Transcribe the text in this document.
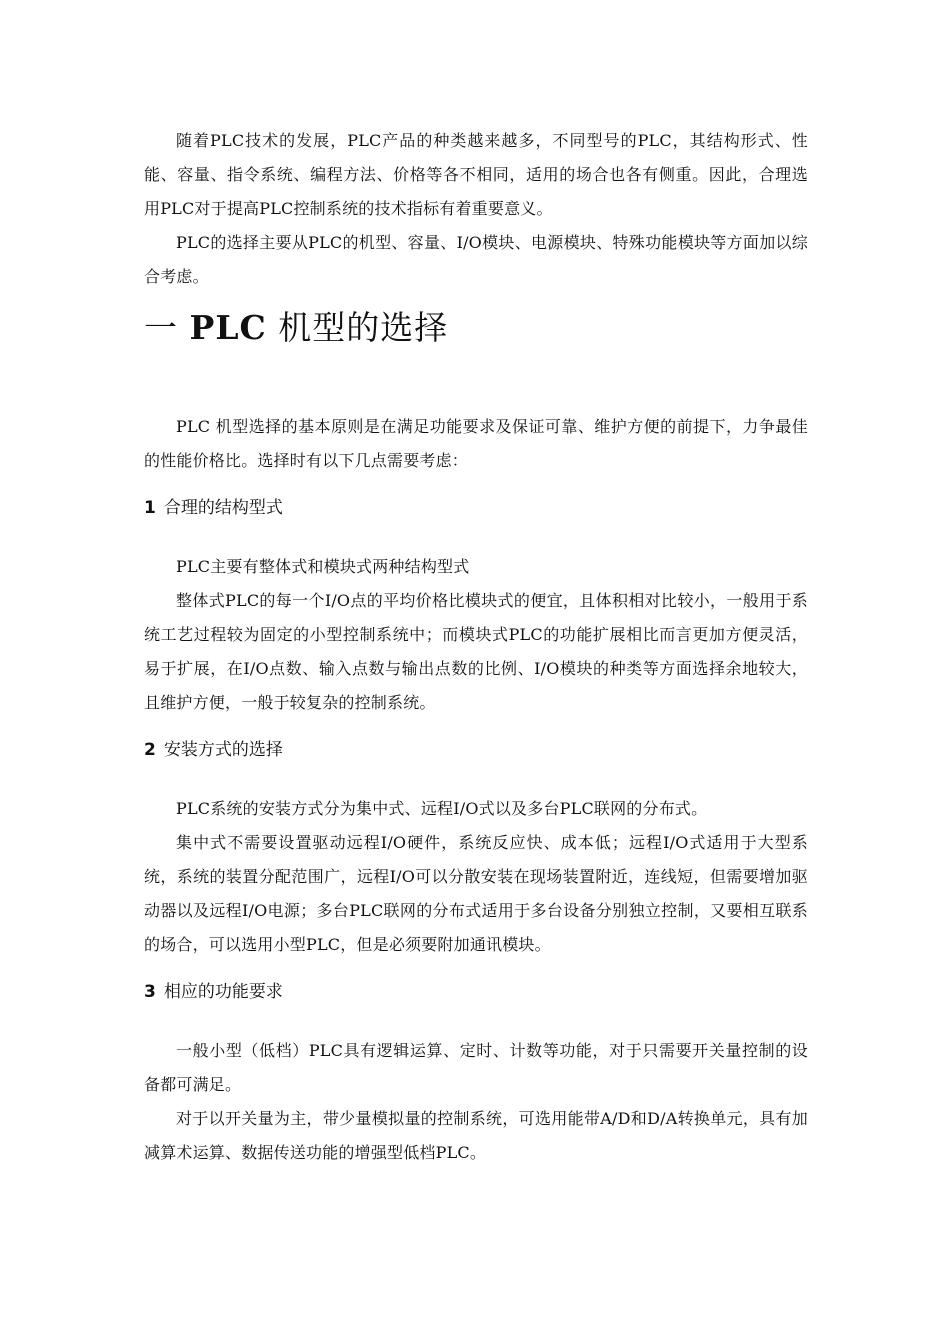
随着PLC技术的发展，PLC产品的种类越来越多，不同型号的PLC，其结构形式、性能、容量、指令系统、编程方法、价格等各不相同，适用的场合也各有侧重。因此，合理选用PLC对于提高PLC控制系统的技术指标有着重要意义。

PLC的选择主要从PLC的机型、容量、I/O模块、电源模块、特殊功能模块等方面加以综合考虑。

一 PLC 机型的选择

PLC 机型选择的基本原则是在满足功能要求及保证可靠、维护方便的前提下，力争最佳的性能价格比。选择时有以下几点需要考虑：

1 合理的结构型式

PLC主要有整体式和模块式两种结构型式

整体式PLC的每一个I/O点的平均价格比模块式的便宜，且体积相对比较小，一般用于系统工艺过程较为固定的小型控制系统中；而模块式PLC的功能扩展相比而言更加方便灵活，易于扩展，在I/O点数、输入点数与输出点数的比例、I/O模块的种类等方面选择余地较大，且维护方便，一般于较复杂的控制系统。

2 安装方式的选择

PLC系统的安装方式分为集中式、远程I/O式以及多台PLC联网的分布式。

集中式不需要设置驱动远程I/O硬件，系统反应快、成本低；远程I/O式适用于大型系统，系统的装置分配范围广，远程I/O可以分散安装在现场装置附近，连线短，但需要增加驱动器以及远程I/O电源；多台PLC联网的分布式适用于多台设备分别独立控制，又要相互联系的场合，可以选用小型PLC，但是必须要附加通讯模块。

3 相应的功能要求

一般小型（低档）PLC具有逻辑运算、定时、计数等功能，对于只需要开关量控制的设备都可满足。

对于以开关量为主，带少量模拟量的控制系统，可选用能带A/D和D/A转换单元，具有加减算术运算、数据传送功能的增强型低档PLC。
